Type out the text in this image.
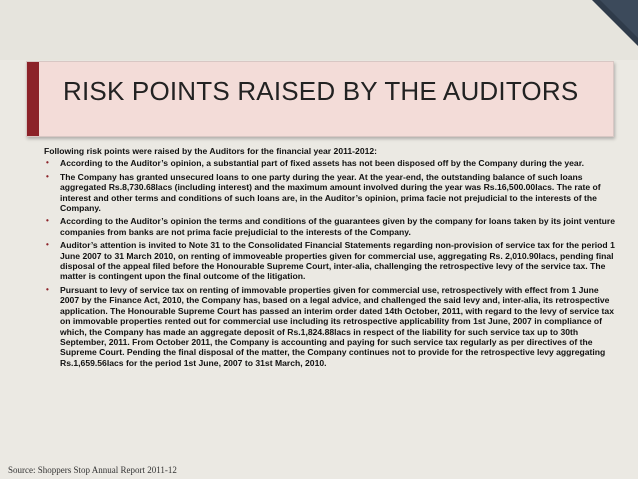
RISK POINTS RAISED BY THE AUDITORS
Following risk points were raised by the Auditors for the financial year 2011-2012:
• According to the Auditor’s opinion, a substantial part of fixed assets has not been disposed off by the Company during the year.
• The Company has granted unsecured loans to one party during the year. At the year-end, the outstanding balance of such loans aggregated Rs.8,730.68lacs (including interest) and the maximum amount involved during the year was Rs.16,500.00lacs. The rate of interest and other terms and conditions of such loans are, in the Auditor’s opinion, prima facie not prejudicial to the interests of the Company.
• According to the Auditor’s opinion the terms and conditions of the guarantees given by the company for loans taken by its joint venture companies from banks are not prima facie prejudicial to the interests of the Company.
• Auditor’s attention is invited to Note 31 to the Consolidated Financial Statements regarding non-provision of service tax for the period 1 June 2007 to 31 March 2010, on renting of immoveable properties given for commercial use, aggregating Rs. 2,010.90lacs, pending final disposal of the appeal filed before the Honourable Supreme Court, inter-alia, challenging the retrospective levy of the service tax. The matter is contingent upon the final outcome of the litigation.
• Pursuant to levy of service tax on renting of immovable properties given for commercial use, retrospectively with effect from 1 June 2007 by the Finance Act, 2010, the Company has, based on a legal advice, and challenged the said levy and, inter-alia, its retrospective application. The Honourable Supreme Court has passed an interim order dated 14th October, 2011, with regard to the levy of service tax on immovable properties rented out for commercial use including its retrospective applicability from 1st June, 2007 in compliance of which, the Company has made an aggregate deposit of Rs.1,824.88lacs in respect of the liability for such service tax up to 30th September, 2011. From October 2011, the Company is accounting and paying for such service tax regularly as per directives of the Supreme Court. Pending the final disposal of the matter, the Company continues not to provide for the retrospective levy aggregating Rs.1,659.56lacs for the period 1st June, 2007 to 31st March, 2010.
Source: Shoppers Stop Annual Report 2011-12
